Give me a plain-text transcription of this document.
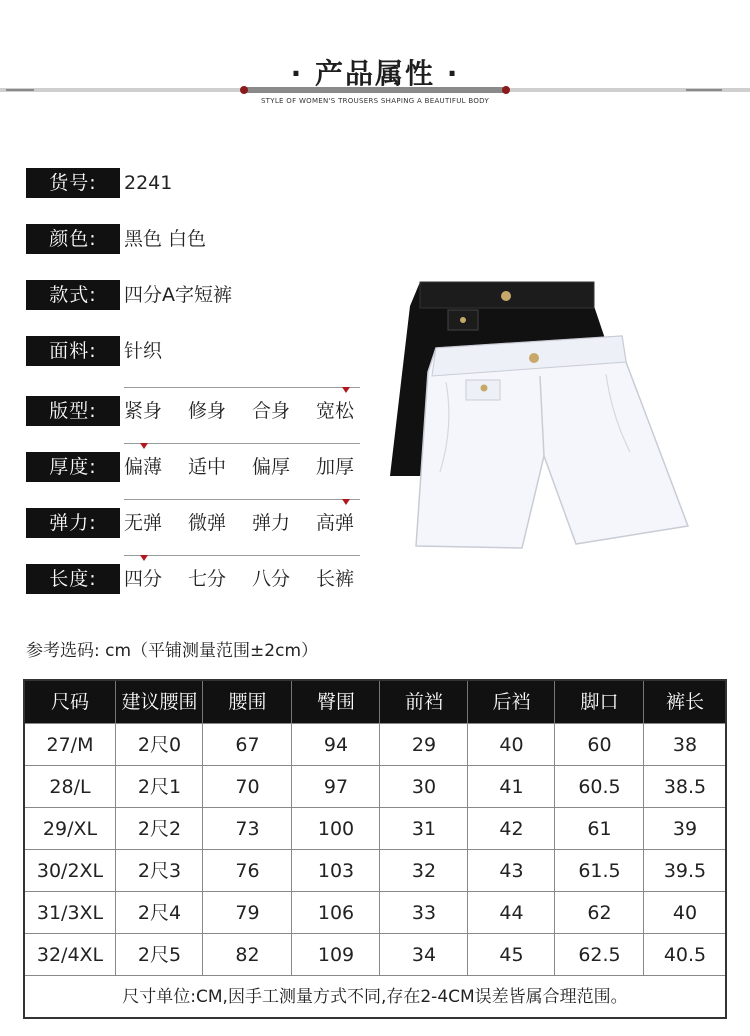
· 产品属性 ·
STYLE OF WOMEN'S TROUSERS SHAPING A BEAUTIFUL BODY
货号:	2241
颜色:	黑色 白色
款式:	四分A字短裤
面料:	针织
版型:	紧身 修身 合身 宽松
厚度:	偏薄 适中 偏厚 加厚
弹力:	无弹 微弹 弹力 高弹
长度:	四分 七分 八分 长裤
参考选码: cm（平铺测量范围±2cm）
尺码	建议腰围	腰围	臀围	前裆	后裆	脚口	裤长
27/M	2尺0	67	94	29	40	60	38
28/L	2尺1	70	97	30	41	60.5	38.5
29/XL	2尺2	73	100	31	42	61	39
30/2XL	2尺3	76	103	32	43	61.5	39.5
31/3XL	2尺4	79	106	33	44	62	40
32/4XL	2尺5	82	109	34	45	62.5	40.5
尺寸单位:CM,因手工测量方式不同,存在2-4CM误差皆属合理范围。
